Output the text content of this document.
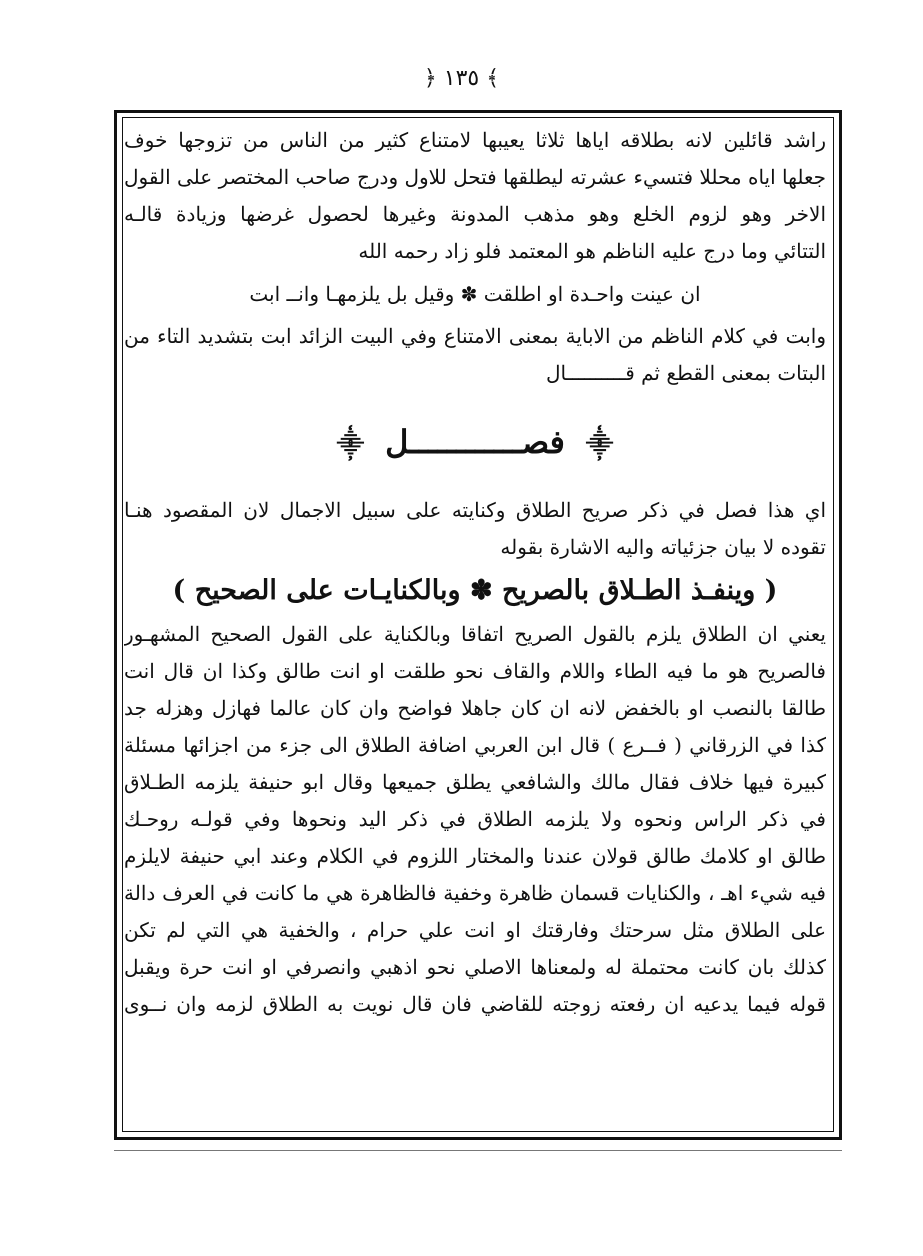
﴾ ١٣٥ ﴿
راشد قائلين لانه بطلاقه اياها ثلاثا يعيبها لامتناع كثير من الناس من تزوجها خوف
جعلها اياه محللا فتسيء عشرته ليطلقها فتحل للاول ودرج صاحب المختصر على القول
الاخر وهو لزوم الخلع وهو مذهب المدونة وغيرها لحصول غرضها وزيادة قالـه
التتائي وما درج عليه الناظم هو المعتمد فلو زاد رحمه الله
ان عينت واحـدة او اطلقت ✽ وقيل بل يلزمهـا وانــ ابت
وابت في كلام الناظم من الاباية بمعنى الامتناع وفي البيت الزائد ابت بتشديد التاء من
البتات بمعنى القطع ثم قــــــــــال
⸎ فصــــــــــــل ⸎
اي هذا فصل في ذكر صريح الطلاق وكنايته على سبيل الاجمال لان المقصود هنـا
تقوده لا بيان جزئياته واليه الاشارة بقوله
( وينفـذ الطـلاق بالصريح ✽ وبالكنايـات على الصحيح )
يعني ان الطلاق يلزم بالقول الصريح اتفاقا وبالكناية على القول الصحيح المشهـور
فالصريح هو ما فيه الطاء واللام والقاف نحو طلقت او انت طالق وكذا ان قال انت
طالقا بالنصب او بالخفض لانه ان كان جاهلا فواضح وان كان عالما فهازل وهزله جد
كذا في الزرقاني ( فــرع ) قال ابن العربي اضافة الطلاق الى جزء من اجزائها مسئلة
كبيرة فيها خلاف فقال مالك والشافعي يطلق جميعها وقال ابو حنيفة يلزمه الطـلاق
في ذكر الراس ونحوه ولا يلزمه الطلاق في ذكر اليد ونحوها وفي قولـه روحـك
طالق او كلامك طالق قولان عندنا والمختار اللزوم في الكلام وعند ابي حنيفة لايلزم
فيه شيء اهـ ، والكنايات قسمان ظاهرة وخفية فالظاهرة هي ما كانت في العرف دالة
على الطلاق مثل سرحتك وفارقتك او انت علي حرام ، والخفية هي التي لم تكن
كذلك بان كانت محتملة له ولمعناها الاصلي نحو اذهبي وانصرفي او انت حرة ويقبل
قوله فيما يدعيه ان رفعته زوجته للقاضي فان قال نويت به الطلاق لزمه وان نــوى
